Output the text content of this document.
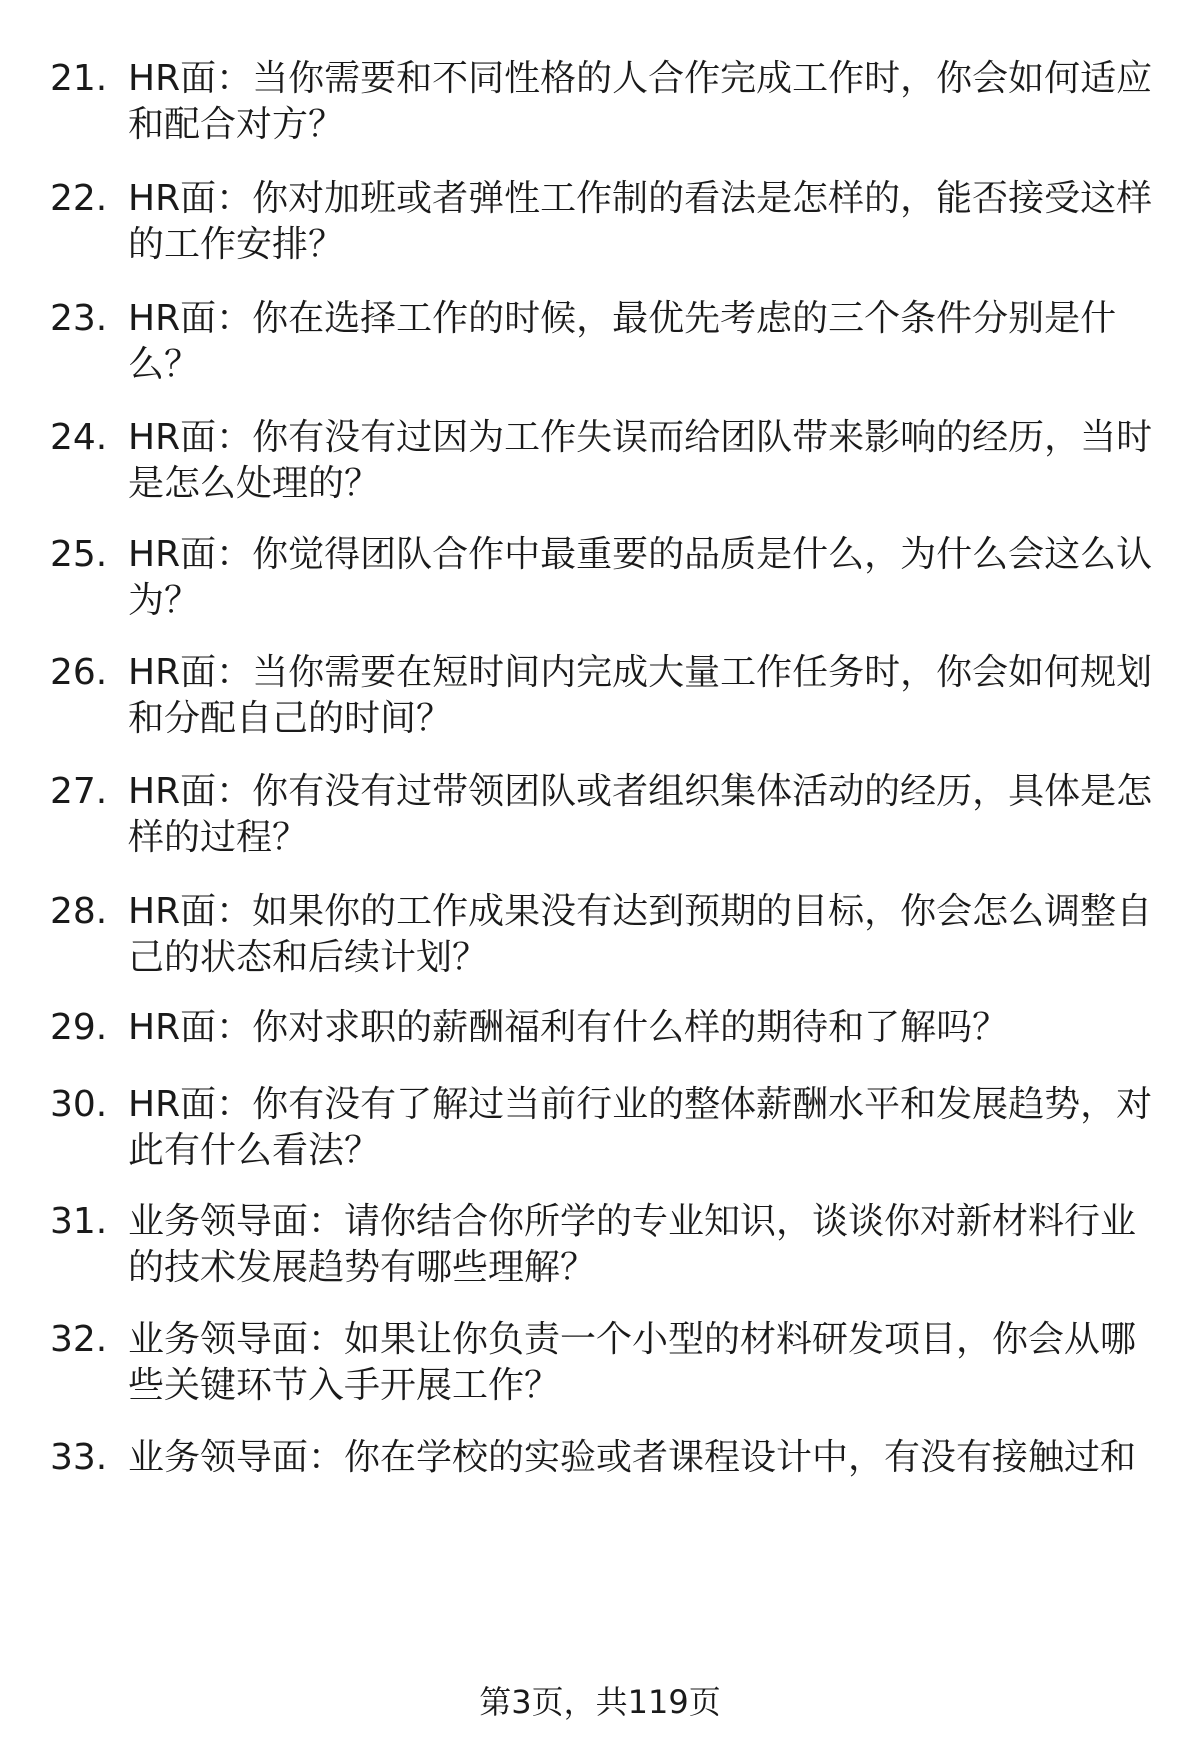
21. HR面：当你需要和不同性格的人合作完成工作时，你会如何适应
和配合对方？
22. HR面：你对加班或者弹性工作制的看法是怎样的，能否接受这样
的工作安排？
23. HR面：你在选择工作的时候，最优先考虑的三个条件分别是什
么？
24. HR面：你有没有过因为工作失误而给团队带来影响的经历，当时
是怎么处理的？
25. HR面：你觉得团队合作中最重要的品质是什么，为什么会这么认
为？
26. HR面：当你需要在短时间内完成大量工作任务时，你会如何规划
和分配自己的时间？
27. HR面：你有没有过带领团队或者组织集体活动的经历，具体是怎
样的过程？
28. HR面：如果你的工作成果没有达到预期的目标，你会怎么调整自
己的状态和后续计划？
29. HR面：你对求职的薪酬福利有什么样的期待和了解吗？
30. HR面：你有没有了解过当前行业的整体薪酬水平和发展趋势，对
此有什么看法？
31. 业务领导面：请你结合你所学的专业知识，谈谈你对新材料行业
的技术发展趋势有哪些理解？
32. 业务领导面：如果让你负责一个小型的材料研发项目，你会从哪
些关键环节入手开展工作？
33. 业务领导面：你在学校的实验或者课程设计中，有没有接触过和
第3页，共119页
